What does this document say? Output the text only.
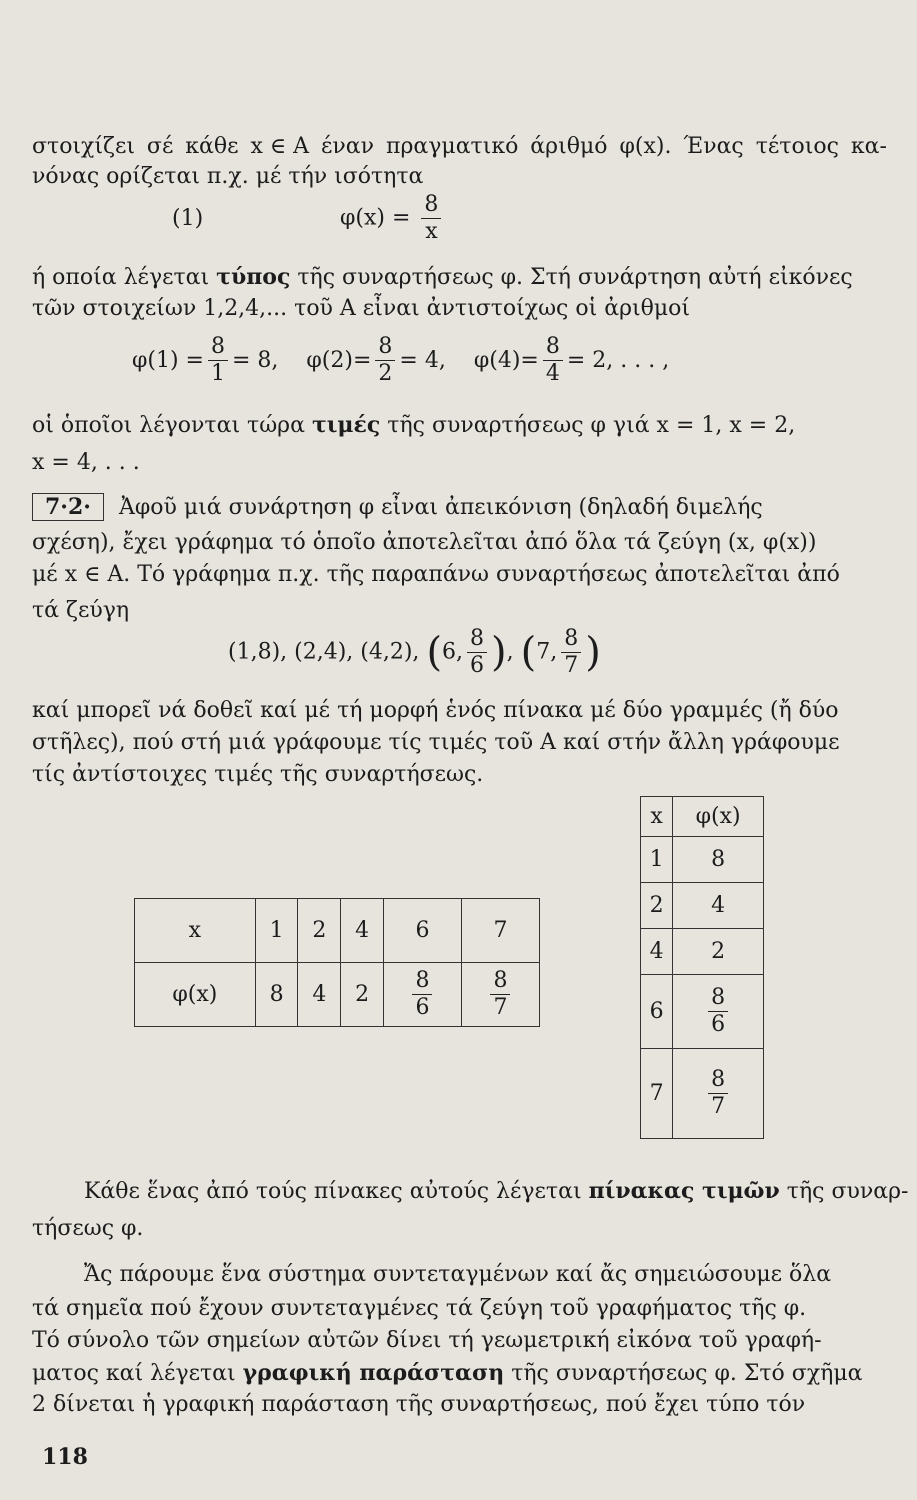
στοιχίζει σέ κάθε x ∈ A έναν πραγματικό άριθμό φ(x). Ένας τέτοιος κα-
νόνας ορίζεται π.χ. μέ τήν ισότητα
(1)	$\varphi(x) = \frac{8}{x}$
ή οποία λέγεται τύπος τῆς συναρτήσεως φ. Στή συνάρτηση αὐτή εἰκόνες
τῶν στοιχείων 1,2,4,... τοῦ A εἶναι ἀντιστοίχως οἱ ἀριθμοί
$\varphi(1) = \frac{8}{1} = 8$, $\varphi(2)= \frac{8}{2} = 4$, $\varphi(4)= \frac{8}{4} = 2$, . . . ,
οἱ ὁποῖοι λέγονται τώρα τιμές τῆς συναρτήσεως φ γιά x = 1, x = 2,
x = 4, . . .
7·2· Ἀφοῦ μιά συνάρτηση φ εἶναι ἀπεικόνιση (δηλαδή διμελής
σχέση), ἔχει γράφημα τό ὁποῖο ἀποτελεῖται ἀπό ὅλα τά ζεύγη (x, φ(x))
μέ x ∈ A. Τό γράφημα π.χ. τῆς παραπάνω συναρτήσεως ἀποτελεῖται ἀπό
τά ζεύγη
(1,8), (2,4), (4,2), (6, $\frac{8}{6}$ ), (7, $\frac{8}{7}$ )
καί μπορεῖ νά δοθεῖ καί μέ τή μορφή ἑνός πίνακα μέ δύο γραμμές (ἤ δύο
στῆλες), πού στή μιά γράφουμε τίς τιμές τοῦ A καί στήν ἄλλη γράφουμε
τίς ἀντίστοιχες τιμές τῆς συναρτήσεως.
x	1	2	4	6	7
φ(x)	8	4	2	$\frac{8}{6}$	$\frac{8}{7}$
x	φ(x)
1	8
2	4
4	2
6	$\frac{8}{6}$

7	$\frac{8}{7}$
Κάθε ἕνας ἀπό τούς πίνακες αὐτούς λέγεται πίνακας τιμῶν τῆς συναρ-
τήσεως φ.
Ἄς πάρουμε ἕνα σύστημα συντεταγμένων καί ἄς σημειώσουμε ὅλα
τά σημεῖα πού ἔχουν συντεταγμένες τά ζεύγη τοῦ γραφήματος τῆς φ.
Τό σύνολο τῶν σημείων αὐτῶν δίνει τή γεωμετρική εἰκόνα τοῦ γραφή-
ματος καί λέγεται γραφική παράσταση τῆς συναρτήσεως φ. Στό σχῆμα
2 δίνεται ἡ γραφική παράσταση τῆς συναρτήσεως, πού ἔχει τύπο τόν
118
